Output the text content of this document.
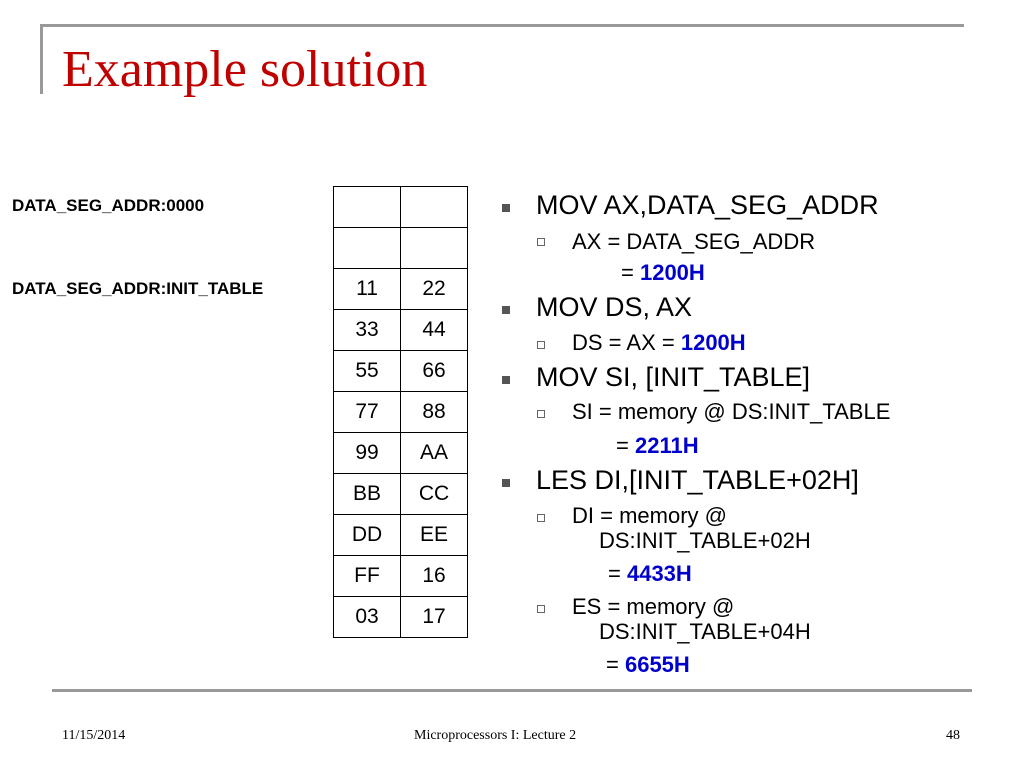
Example solution
DATA_SEG_ADDR:0000
DATA_SEG_ADDR:INIT_TABLE

		11	22
33	44
55	66
77	88
99	AA
BB	CC
DD	EE
FF	16
03	17
MOV AX,DATA_SEG_ADDR
AX = DATA_SEG_ADDR
= 1200H
MOV DS, AX
DS = AX = 1200H
MOV SI, [INIT_TABLE]
SI = memory @ DS:INIT_TABLE
= 2211H
LES DI,[INIT_TABLE+02H]
DI = memory @
DS:INIT_TABLE+02H
= 4433H
ES = memory @
DS:INIT_TABLE+04H
= 6655H
11/15/2014	Microprocessors I: Lecture 2	48
